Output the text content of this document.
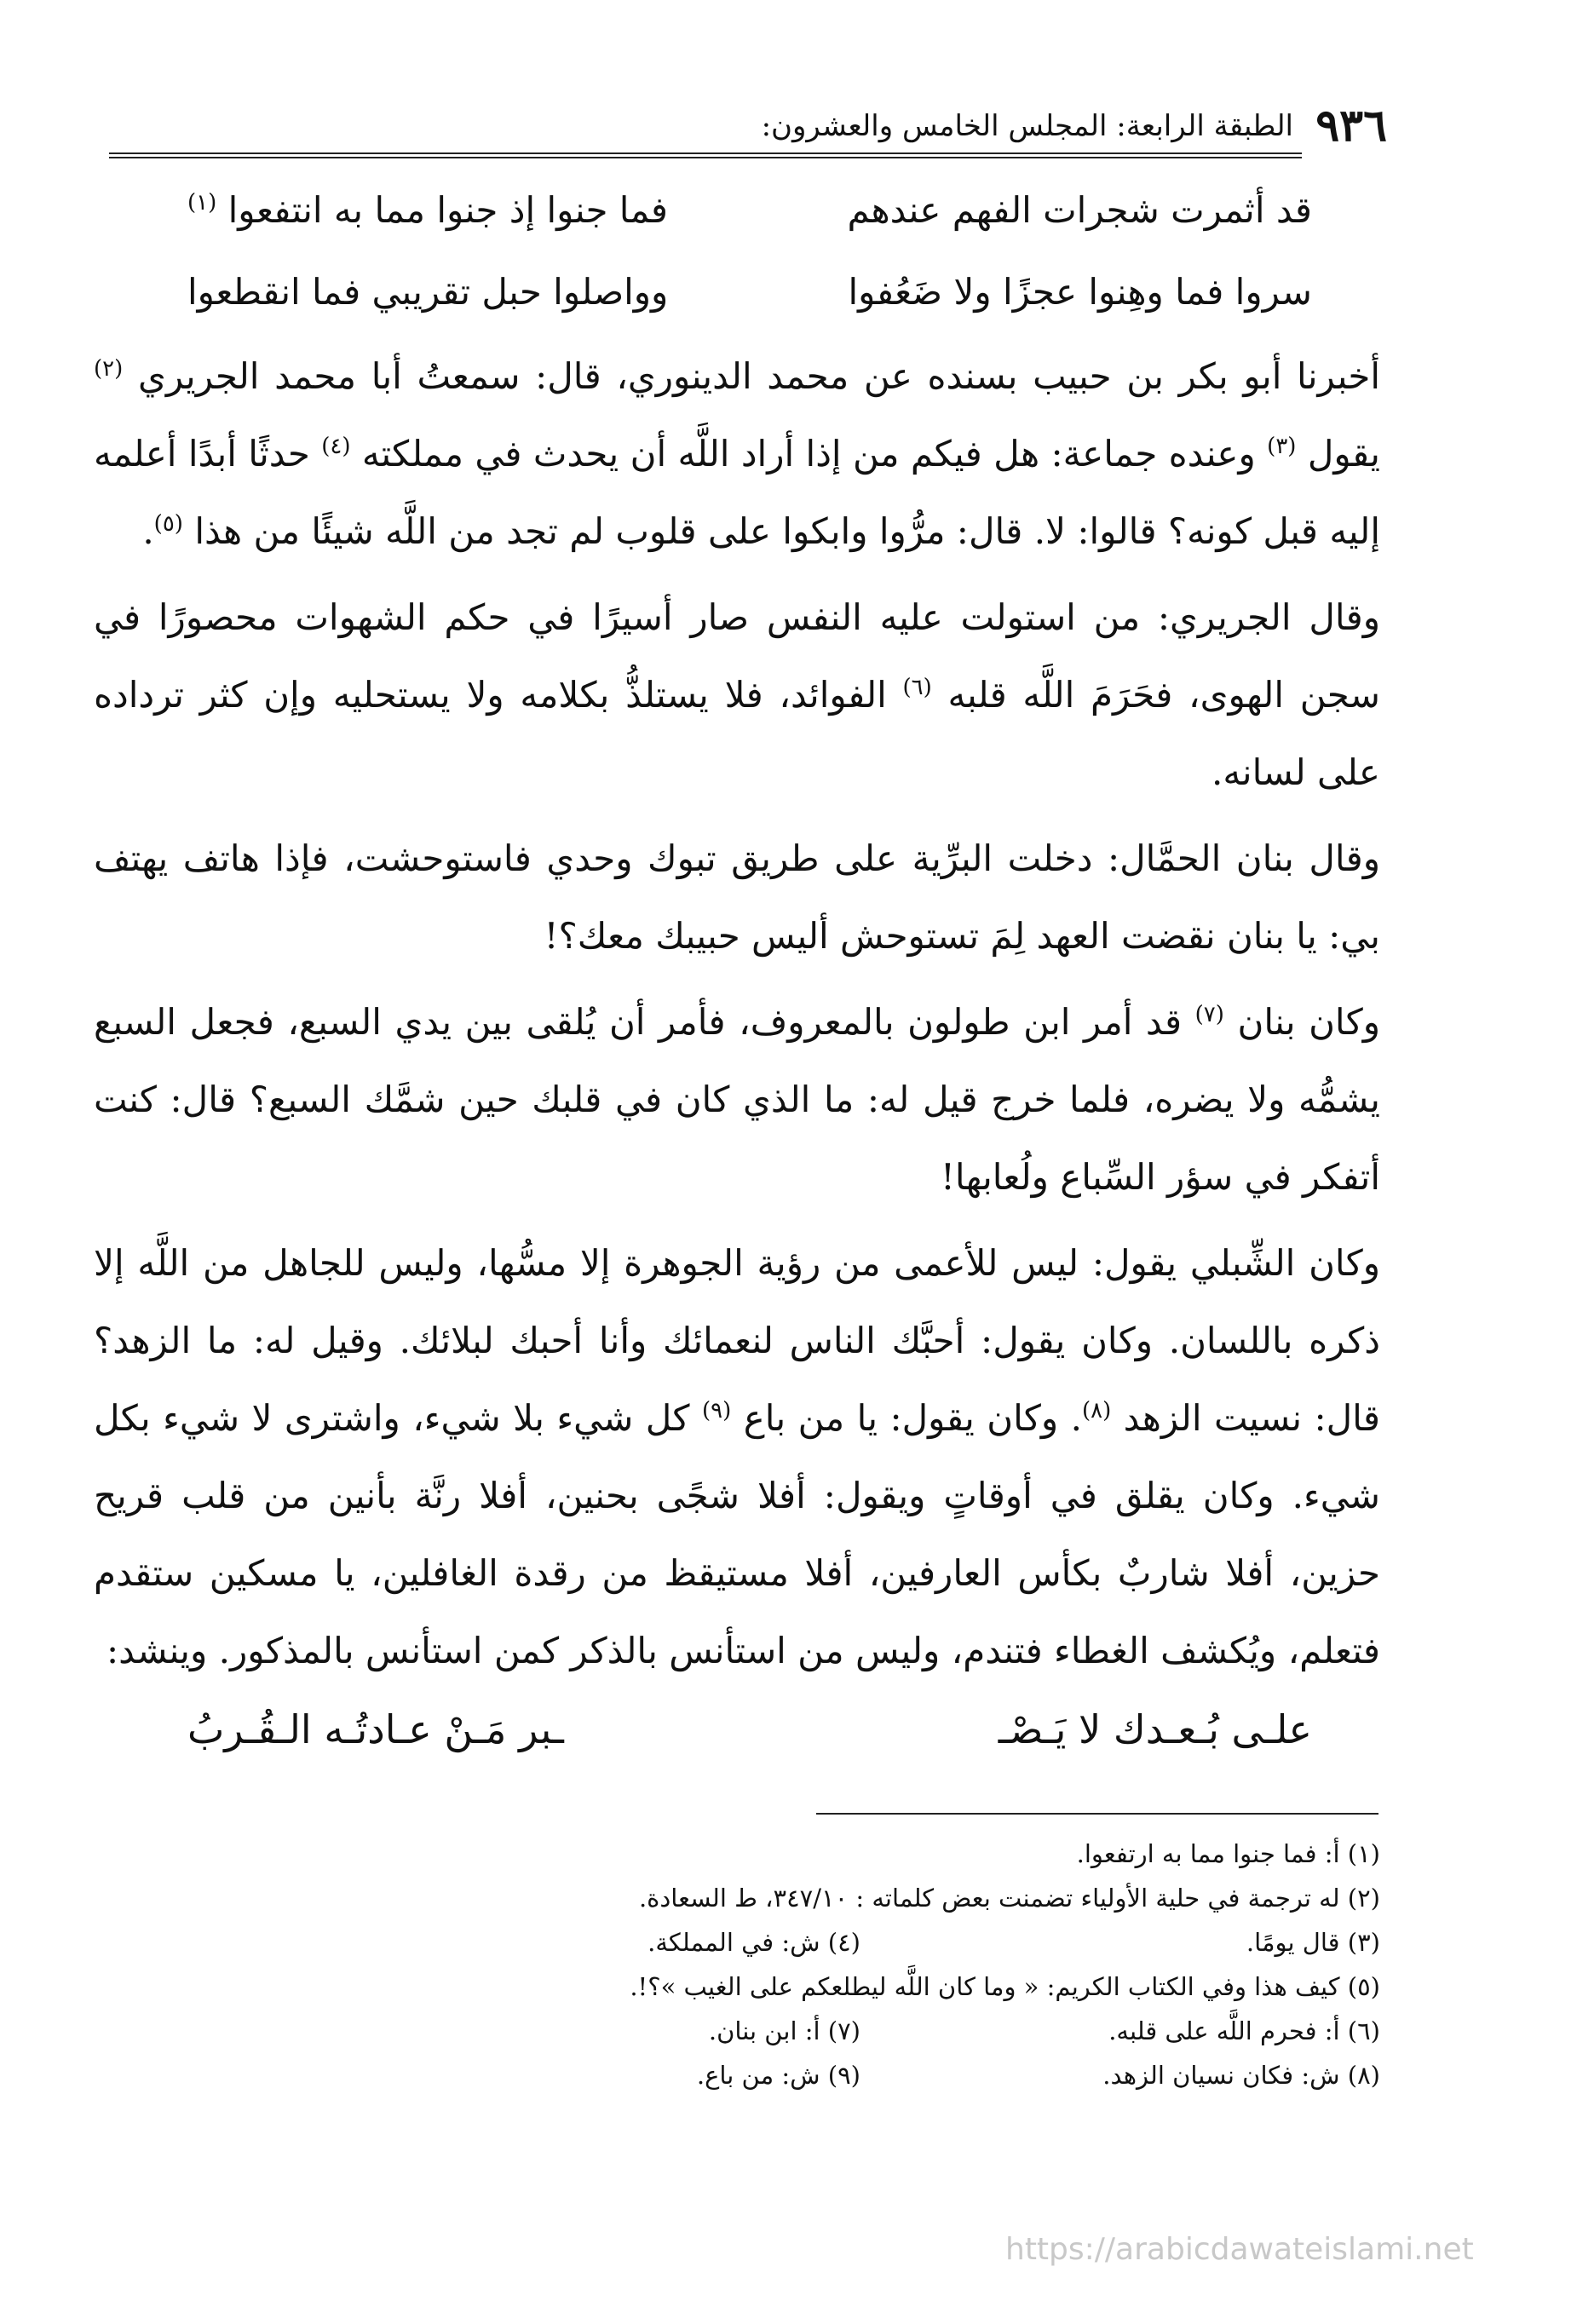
٩٣٦
الطبقة الرابعة: المجلس الخامس والعشرون:
قد أثمرت شجرات الفهم عندهم
فما جنوا إذ جنوا مما به انتفعوا $^{(١)}$
سروا فما وهِنوا عجزًا ولا ضَعُفوا
وواصلوا حبل تقريبي فما انقطعوا

أخبرنا أبو بكر بن حبيب بسنده عن محمد الدينوري، قال: سمعتُ أبا محمد الجريري $^{(٢)}$ يقول $^{(٣)}$ وعنده جماعة: هل فيكم من إذا أراد اللَّه أن يحدث في مملكته $^{(٤)}$ حدثًا أبدًا أعلمه إليه قبل كونه؟ قالوا: لا. قال: مرُّوا وابكوا على قلوب لم تجد من اللَّه شيئًا من هذا $^{(٥)}$.

وقال الجريري: من استولت عليه النفس صار أسيرًا في حكم الشهوات محصورًا في سجن الهوى، فحَرَمَ اللَّه قلبه $^{(٦)}$ الفوائد، فلا يستلذُّ بكلامه ولا يستحليه وإن كثر ترداده على لسانه.

وقال بنان الحمَّال: دخلت البرِّية على طريق تبوك وحدي فاستوحشت، فإذا هاتف يهتف بي: يا بنان نقضت العهد لِمَ تستوحش أليس حبيبك معك؟!

وكان بنان $^{(٧)}$ قد أمر ابن طولون بالمعروف، فأمر أن يُلقى بين يدي السبع، فجعل السبع يشمُّه ولا يضره، فلما خرج قيل له: ما الذي كان في قلبك حين شمَّك السبع؟ قال: كنت أتفكر في سؤر السِّباع ولُعابها!

وكان الشِّبلي يقول: ليس للأعمى من رؤية الجوهرة إلا مسُّها، وليس للجاهل من اللَّه إلا ذكره باللسان. وكان يقول: أحبَّك الناس لنعمائك وأنا أحبك لبلائك. وقيل له: ما الزهد؟ قال: نسيت الزهد $^{(٨)}$. وكان يقول: يا من باع $^{(٩)}$ كل شيء بلا شيء، واشترى لا شيء بكل شيء. وكان يقلق في أوقاتٍ ويقول: أفلا شجًى بحنين، أفلا رنَّة بأنين من قلب قريح حزين، أفلا شاربٌ بكأس العارفين، أفلا مستيقظ من رقدة الغافلين، يا مسكين ستقدم فتعلم، ويُكشف الغطاء فتندم، وليس من استأنس بالذكر كمن استأنس بالمذكور. وينشد:

علـى بُـعـدك لا يَـصْـ
ـبر مَـنْ عـادتُـه الـقُـربُ
(١) أ: فما جنوا مما به ارتفعوا.
(٢) له ترجمة في حلية الأولياء تضمنت بعض كلماته : ٣٤٧/١٠، ط السعادة.
(٣) قال يومًا.
(٤) ش: في المملكة.
(٥) كيف هذا وفي الكتاب الكريم: « وما كان اللَّه ليطلعكم على الغيب »؟!.
(٦) أ: فحرم اللَّه على قلبه.
(٧) أ: ابن بنان.
(٨) ش: فكان نسيان الزهد.
(٩) ش: من باع.
https://arabicdawateislami.net
